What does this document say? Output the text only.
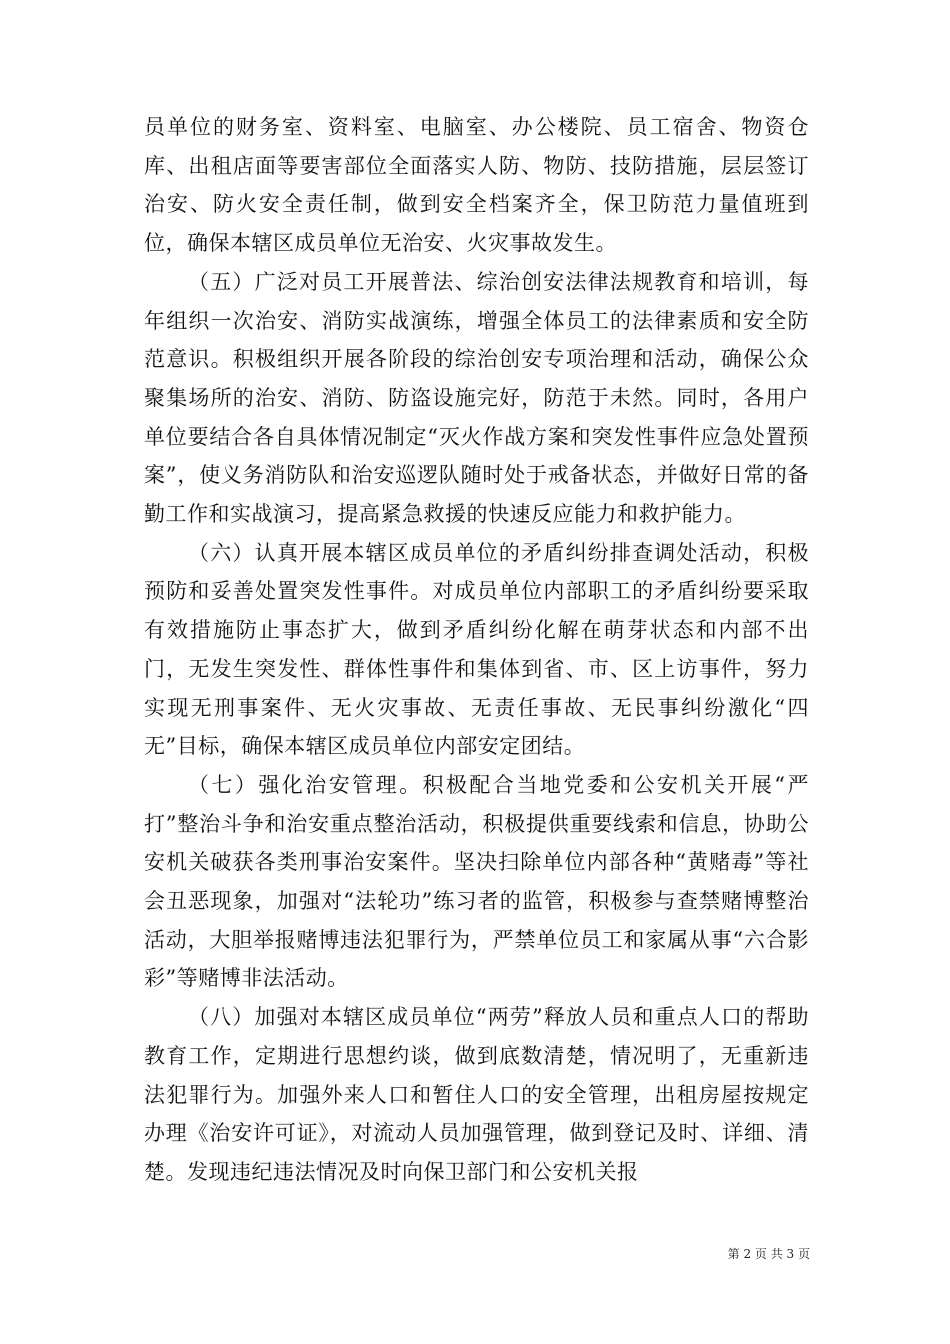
员单位的财务室、资料室、电脑室、办公楼院、员工宿舍、物资仓库、出租店面等要害部位全面落实人防、物防、技防措施，层层签订治安、防火安全责任制，做到安全档案齐全，保卫防范力量值班到位，确保本辖区成员单位无治安、火灾事故发生。

（五）广泛对员工开展普法、综治创安法律法规教育和培训，每年组织一次治安、消防实战演练，增强全体员工的法律素质和安全防范意识。积极组织开展各阶段的综治创安专项治理和活动，确保公众聚集场所的治安、消防、防盗设施完好，防范于未然。同时，各用户单位要结合各自具体情况制定“灭火作战方案和突发性事件应急处置预案”，使义务消防队和治安巡逻队随时处于戒备状态，并做好日常的备勤工作和实战演习，提高紧急救援的快速反应能力和救护能力。

（六）认真开展本辖区成员单位的矛盾纠纷排查调处活动，积极预防和妥善处置突发性事件。对成员单位内部职工的矛盾纠纷要采取有效措施防止事态扩大，做到矛盾纠纷化解在萌芽状态和内部不出门，无发生突发性、群体性事件和集体到省、市、区上访事件，努力实现无刑事案件、无火灾事故、无责任事故、无民事纠纷激化“四无”目标，确保本辖区成员单位内部安定团结。

（七）强化治安管理。积极配合当地党委和公安机关开展“严打”整治斗争和治安重点整治活动，积极提供重要线索和信息，协助公安机关破获各类刑事治安案件。坚决扫除单位内部各种“黄赌毒”等社会丑恶现象，加强对“法轮功”练习者的监管，积极参与查禁赌博整治活动，大胆举报赌博违法犯罪行为，严禁单位员工和家属从事“六合影彩”等赌博非法活动。

（八）加强对本辖区成员单位“两劳”释放人员和重点人口的帮助教育工作，定期进行思想约谈，做到底数清楚，情况明了，无重新违法犯罪行为。加强外来人口和暂住人口的安全管理，出租房屋按规定办理《治安许可证》，对流动人员加强管理，做到登记及时、详细、清楚。发现违纪违法情况及时向保卫部门和公安机关报

第 2 页 共 3 页
